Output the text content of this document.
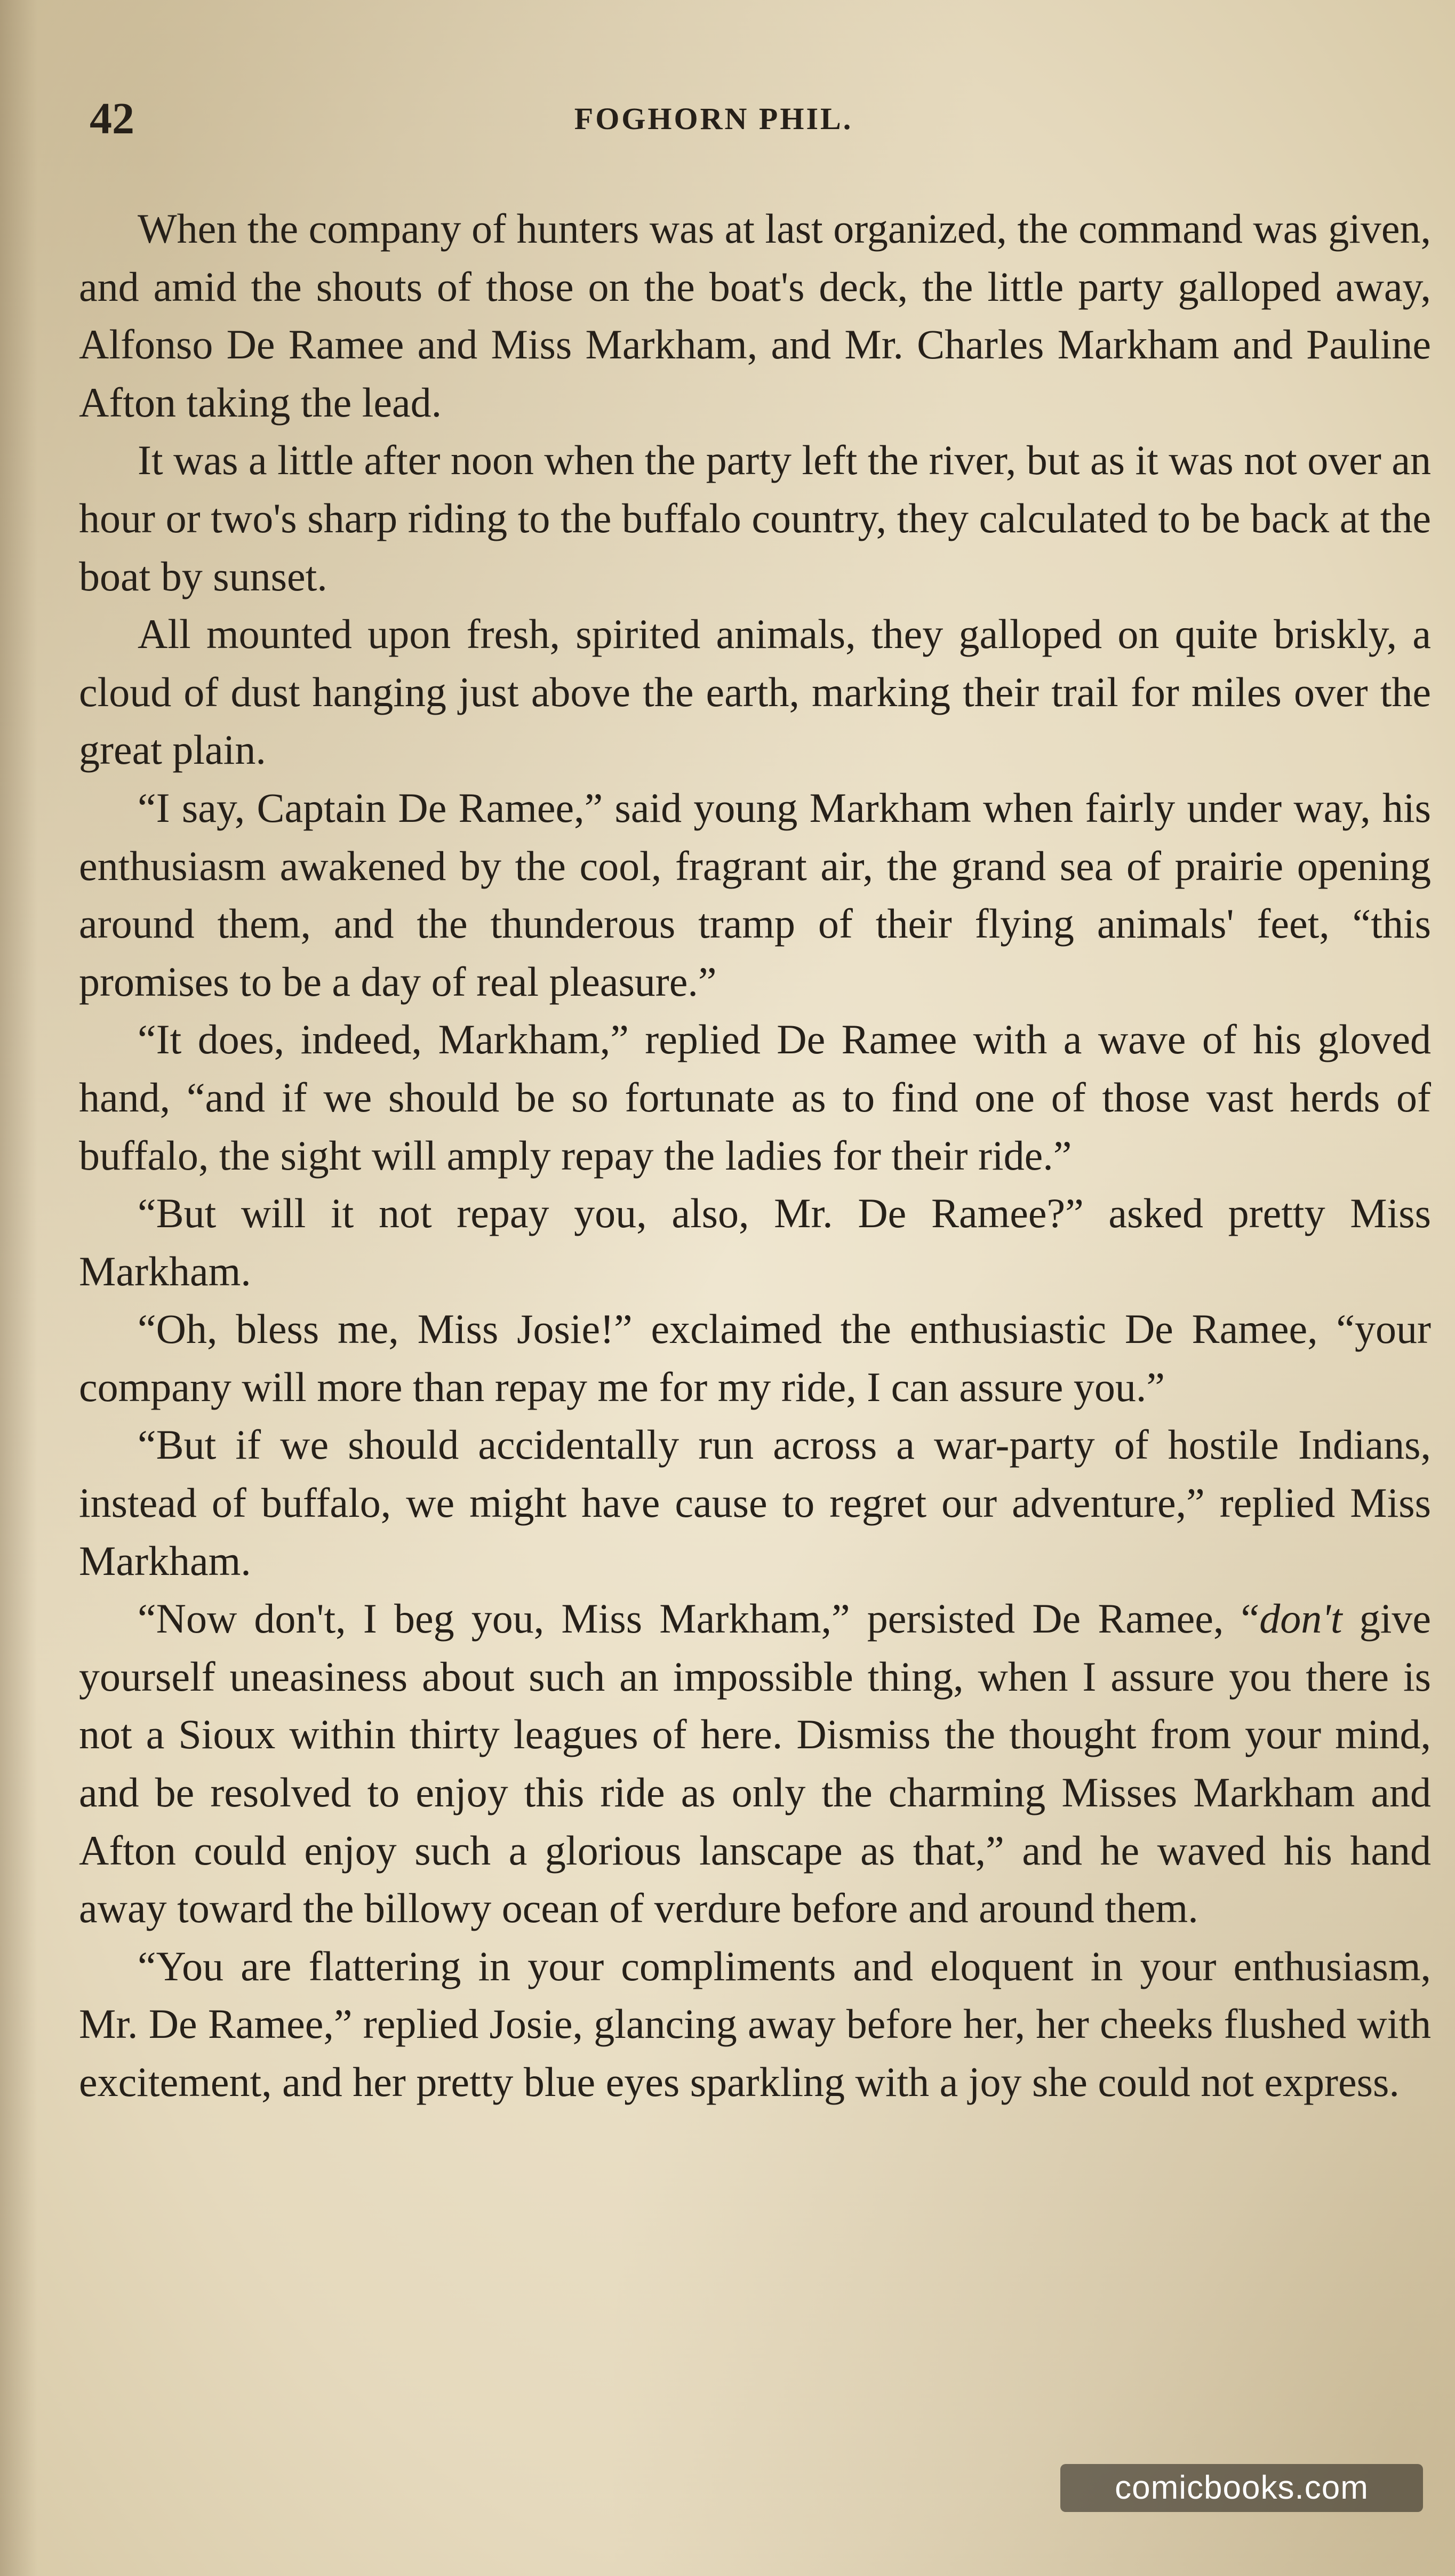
42	FOGHORN PHIL.

When the company of hunters was at last organized, the command was given, and amid the shouts of those on the boat's deck, the little party galloped away, Alfonso De Ramee and Miss Markham, and Mr. Charles Markham and Pauline Afton taking the lead.

It was a little after noon when the party left the river, but as it was not over an hour or two's sharp riding to the buffalo country, they calculated to be back at the boat by sunset.

All mounted upon fresh, spirited animals, they galloped on quite briskly, a cloud of dust hanging just above the earth, marking their trail for miles over the great plain.

“I say, Captain De Ramee,” said young Markham when fairly under way, his enthusiasm awakened by the cool, fragrant air, the grand sea of prairie opening around them, and the thunderous tramp of their flying animals' feet, “this promises to be a day of real pleasure.”

“It does, indeed, Markham,” replied De Ramee with a wave of his gloved hand, “and if we should be so fortunate as to find one of those vast herds of buffalo, the sight will amply repay the ladies for their ride.”

“But will it not repay you, also, Mr. De Ramee?” asked pretty Miss Markham.

“Oh, bless me, Miss Josie!” exclaimed the enthusiastic De Ramee, “your company will more than repay me for my ride, I can assure you.”

“But if we should accidentally run across a war-party of hostile Indians, instead of buffalo, we might have cause to regret our adventure,” replied Miss Markham.

“Now don't, I beg you, Miss Markham,” persisted De Ramee, “don't give yourself uneasiness about such an impossible thing, when I assure you there is not a Sioux within thirty leagues of here. Dismiss the thought from your mind, and be resolved to enjoy this ride as only the charming Misses Markham and Afton could enjoy such a glorious lanscape as that,” and he waved his hand away toward the billowy ocean of verdure before and around them.

“You are flattering in your compliments and eloquent in your enthusiasm, Mr. De Ramee,” replied Josie, glancing away before her, her cheeks flushed with excitement, and her pretty blue eyes sparkling with a joy she could not express.

comicbooks.com
